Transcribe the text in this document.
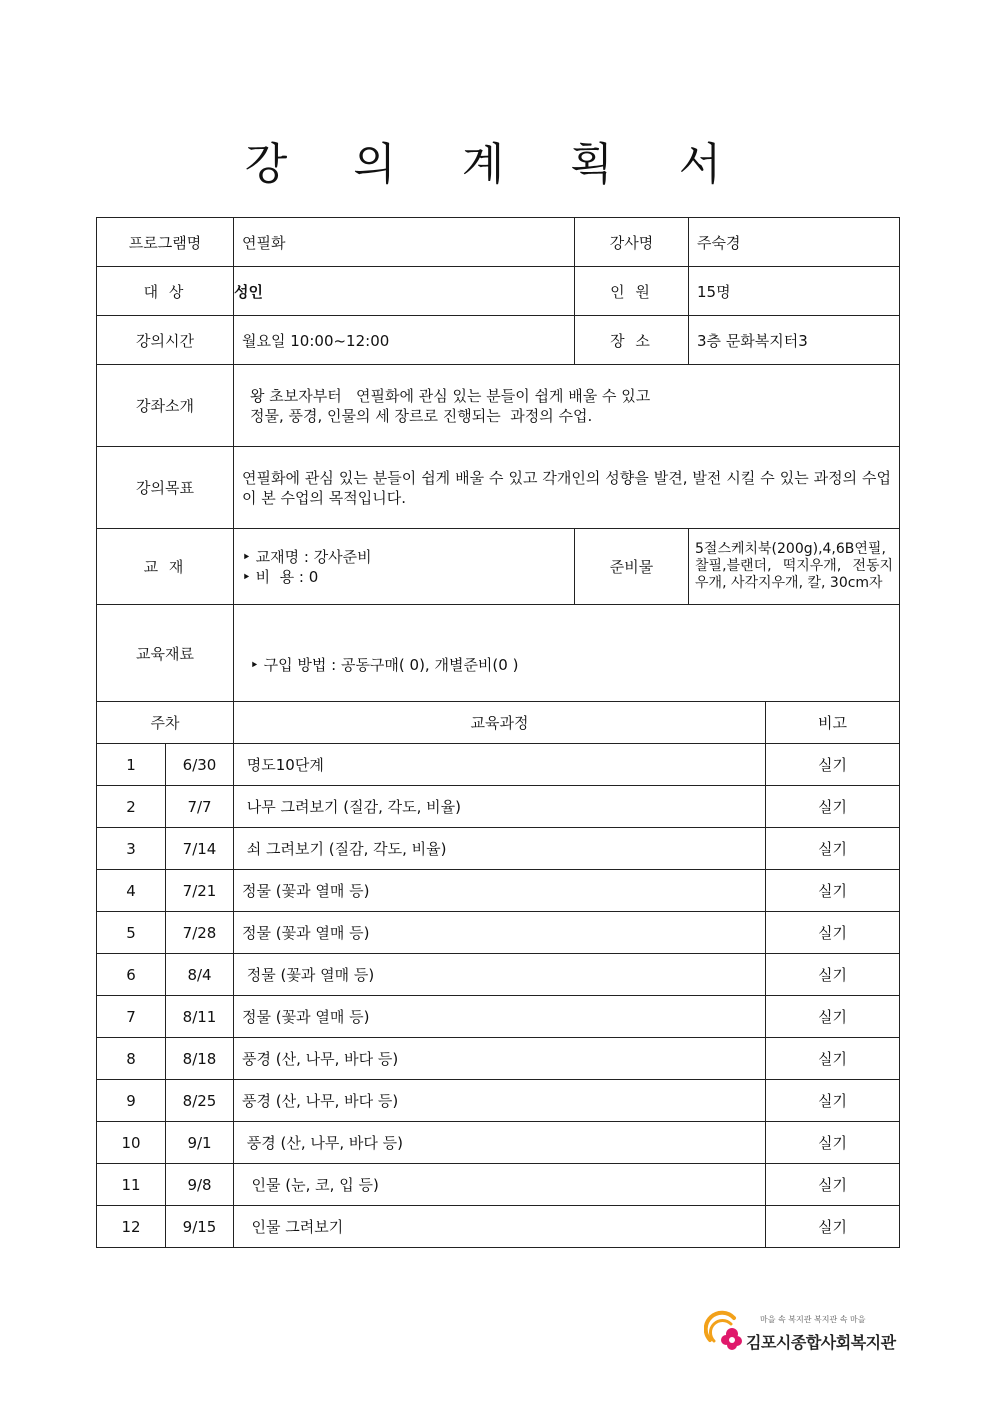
강 의 계 획 서
프로그램명		연필화	강사명	주숙경	
대 상		성인	인 원	15명	
강의시간		월요일 10:00~12:00	장 소	3층 문화복지터3	
강좌소개		왕 초보자부터   연필화에 관심 있는 분들이 쉽게 배울 수 있고
정물, 풍경, 인물의 세 장르로 진행되는  과정의 수업.			

강의목표		연필화에 관심 있는 분들이 쉽게 배울 수 있고 각개인의 성향을 발견, 발전 시킬 수 있는 과정의 수업 이 본 수업의 목적입니다.			
교 재		‣ 교재명 : 강사준비
‣ 비  용 : 0	준비물	5절스케치북(200g),4,6B연필, 찰필,블랜더, 떡지우개, 전동지우개, 사각지우개, 칼, 30cm자	
교육재료		‣ 구입 방법 : 공동구매( 0), 개별준비(0 )			
주차		교육과정			비고
1	6/30	명도10단계			실기
2	7/7	나무 그려보기 (질감, 각도, 비율)			실기
3	7/14	쇠 그려보기 (질감, 각도, 비율)			실기
4	7/21	정물 (꽃과 열매 등)			실기
5	7/28	정물 (꽃과 열매 등)			실기
6	8/4	정물 (꽃과 열매 등)			실기
7	8/11	정물 (꽃과 열매 등)			실기
8	8/18	풍경 (산, 나무, 바다 등)			실기
9	8/25	풍경 (산, 나무, 바다 등)			실기
10	9/1	풍경 (산, 나무, 바다 등)			실기
11	9/8	인물 (눈, 코, 입 등)			실기
12	9/15	인물 그려보기			실기
마을 속 복지관 복지관 속 마을
김포시종합사회복지관
